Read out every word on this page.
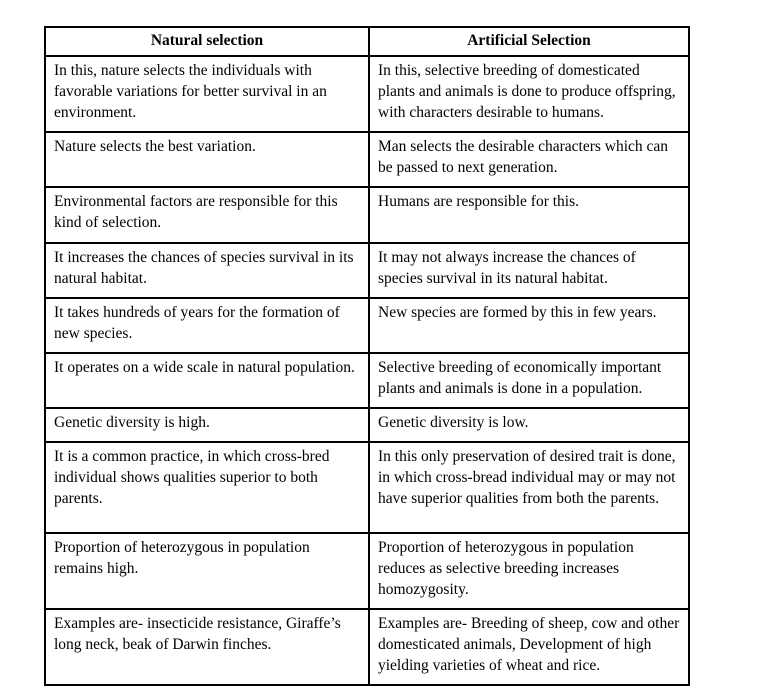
Natural selection	Artificial Selection
In this, nature selects the individuals with favorable variations for better survival in an environment.	In this, selective breeding of domesticated plants and animals is done to produce offspring, with characters desirable to humans.
Nature selects the best variation.	Man selects the desirable characters which can be passed to next generation.
Environmental factors are responsible for this kind of selection.	Humans are responsible for this.
It increases the chances of species survival in its natural habitat.	It may not always increase the chances of species survival in its natural habitat.
It takes hundreds of years for the formation of new species.	New species are formed by this in few years.
It operates on a wide scale in natural population.	Selective breeding of economically important plants and animals is done in a population.
Genetic diversity is high.	Genetic diversity is low.
It is a common practice, in which cross-bred individual shows qualities superior to both parents.	In this only preservation of desired trait is done, in which cross-bread individual may or may not have superior qualities from both the parents.
Proportion of heterozygous in population remains high.	Proportion of heterozygous in population reduces as selective breeding increases homozygosity.
Examples are- insecticide resistance, Giraffe’s long neck, beak of Darwin finches.	Examples are- Breeding of sheep, cow and other domesticated animals, Development of high yielding varieties of wheat and rice.
